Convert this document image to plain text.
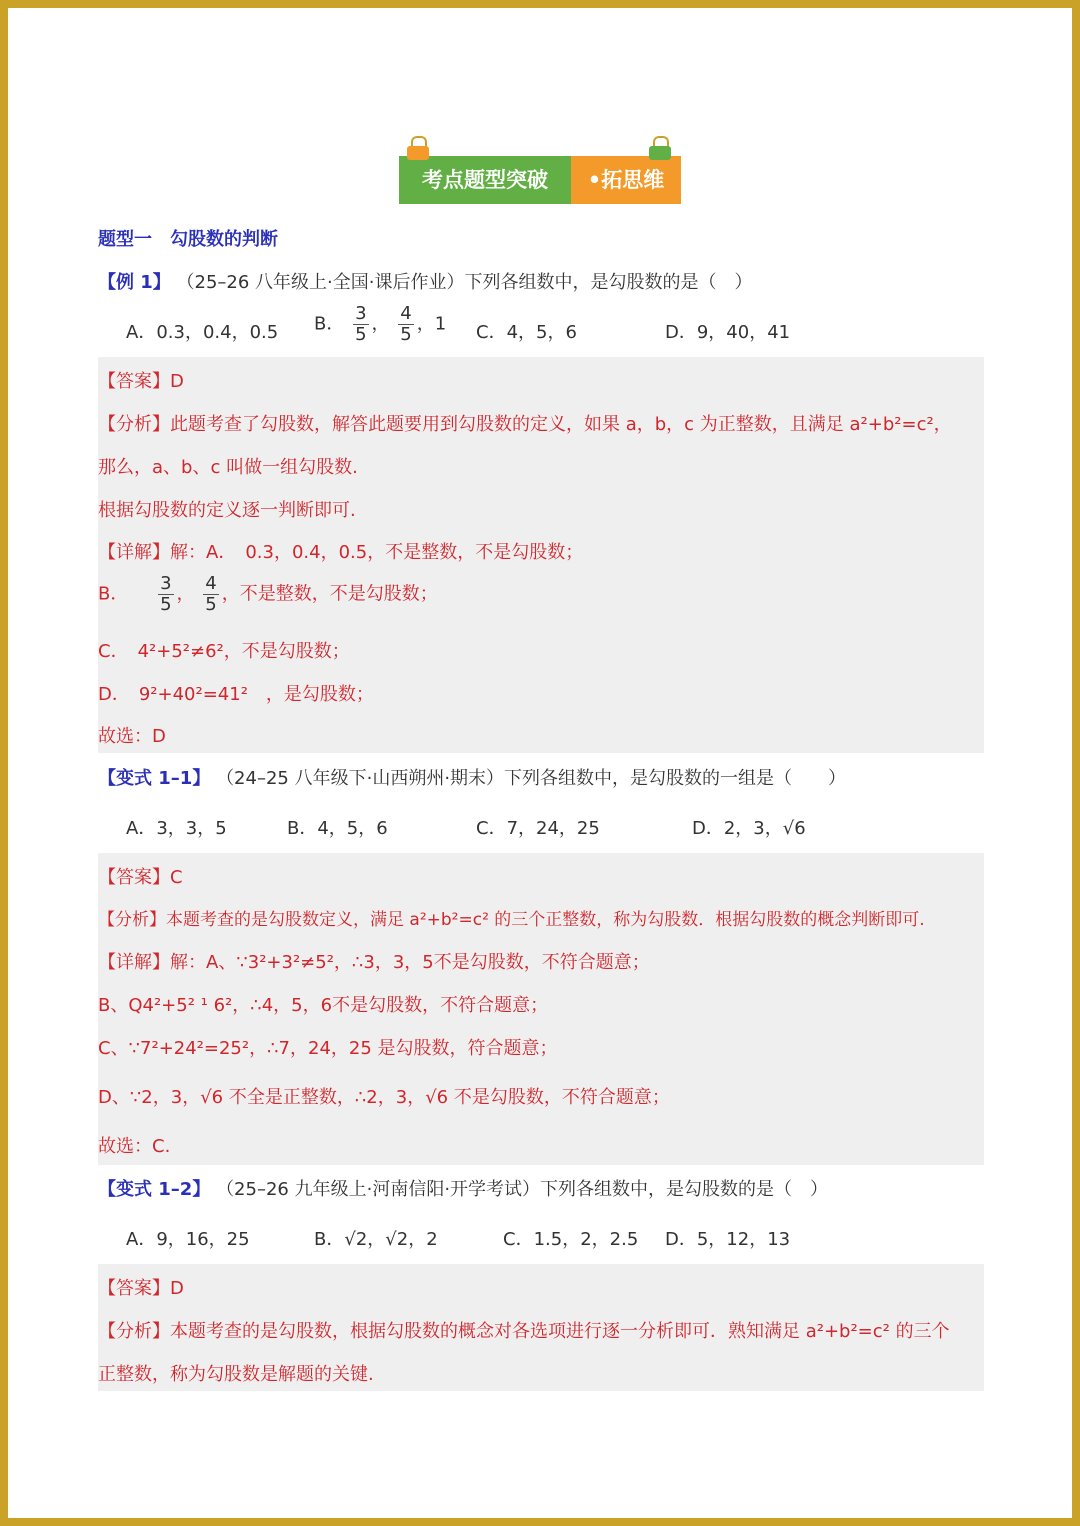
考点题型突破	•拓思维
题型一　勾股数的判断
【例 1】 （25–26 八年级上·全国·课后作业）下列各组数中，是勾股数的是（　）
A．0.3，0.4，0.5 B． $\frac{3}{5}$ ， $\frac{4}{5}$ ，1 C．4，5，6	D．9，40，41
【答案】D
【分析】此题考查了勾股数，解答此题要用到勾股数的定义，如果 a，b，c 为正整数，且满足 a²+b²=c²，
那么，a、b、c 叫做一组勾股数.
根据勾股数的定义逐一判断即可.
【详解】解：A．　0.3，0.4，0.5，不是整数，不是勾股数；
B． $\frac{3}{5}$ ， $\frac{4}{5}$ ，不是整数，不是勾股数；
C．　4²+5²≠6²，不是勾股数；
D．　9²+40²=41²　，是勾股数；
故选：D
【变式 1–1】 （24–25 八年级下·山西朔州·期末）下列各组数中，是勾股数的一组是（　　）
A．3，3，5	B．4，5，6	C．7，24，25	D．2，3，√6
【答案】C
【分析】本题考查的是勾股数定义，满足 a²+b²=c² 的三个正整数，称为勾股数．根据勾股数的概念判断即可.
【详解】解：A、∵3²+3²≠5²，∴3，3，5不是勾股数，不符合题意；
B、Q4²+5² ¹ 6²，∴4，5，6不是勾股数，不符合题意；
C、∵7²+24²=25²，∴7，24，25 是勾股数，符合题意；
D、∵2，3，√6 不全是正整数，∴2，3，√6 不是勾股数，不符合题意；
故选：C.
【变式 1–2】 （25–26 九年级上·河南信阳·开学考试）下列各组数中，是勾股数的是（　）
A．9，16，25	B．√2，√2，2	C．1.5，2，2.5 D．5，12，13
【答案】D
【分析】本题考查的是勾股数，根据勾股数的概念对各选项进行逐一分析即可．熟知满足 a²+b²=c² 的三个
正整数，称为勾股数是解题的关键.
